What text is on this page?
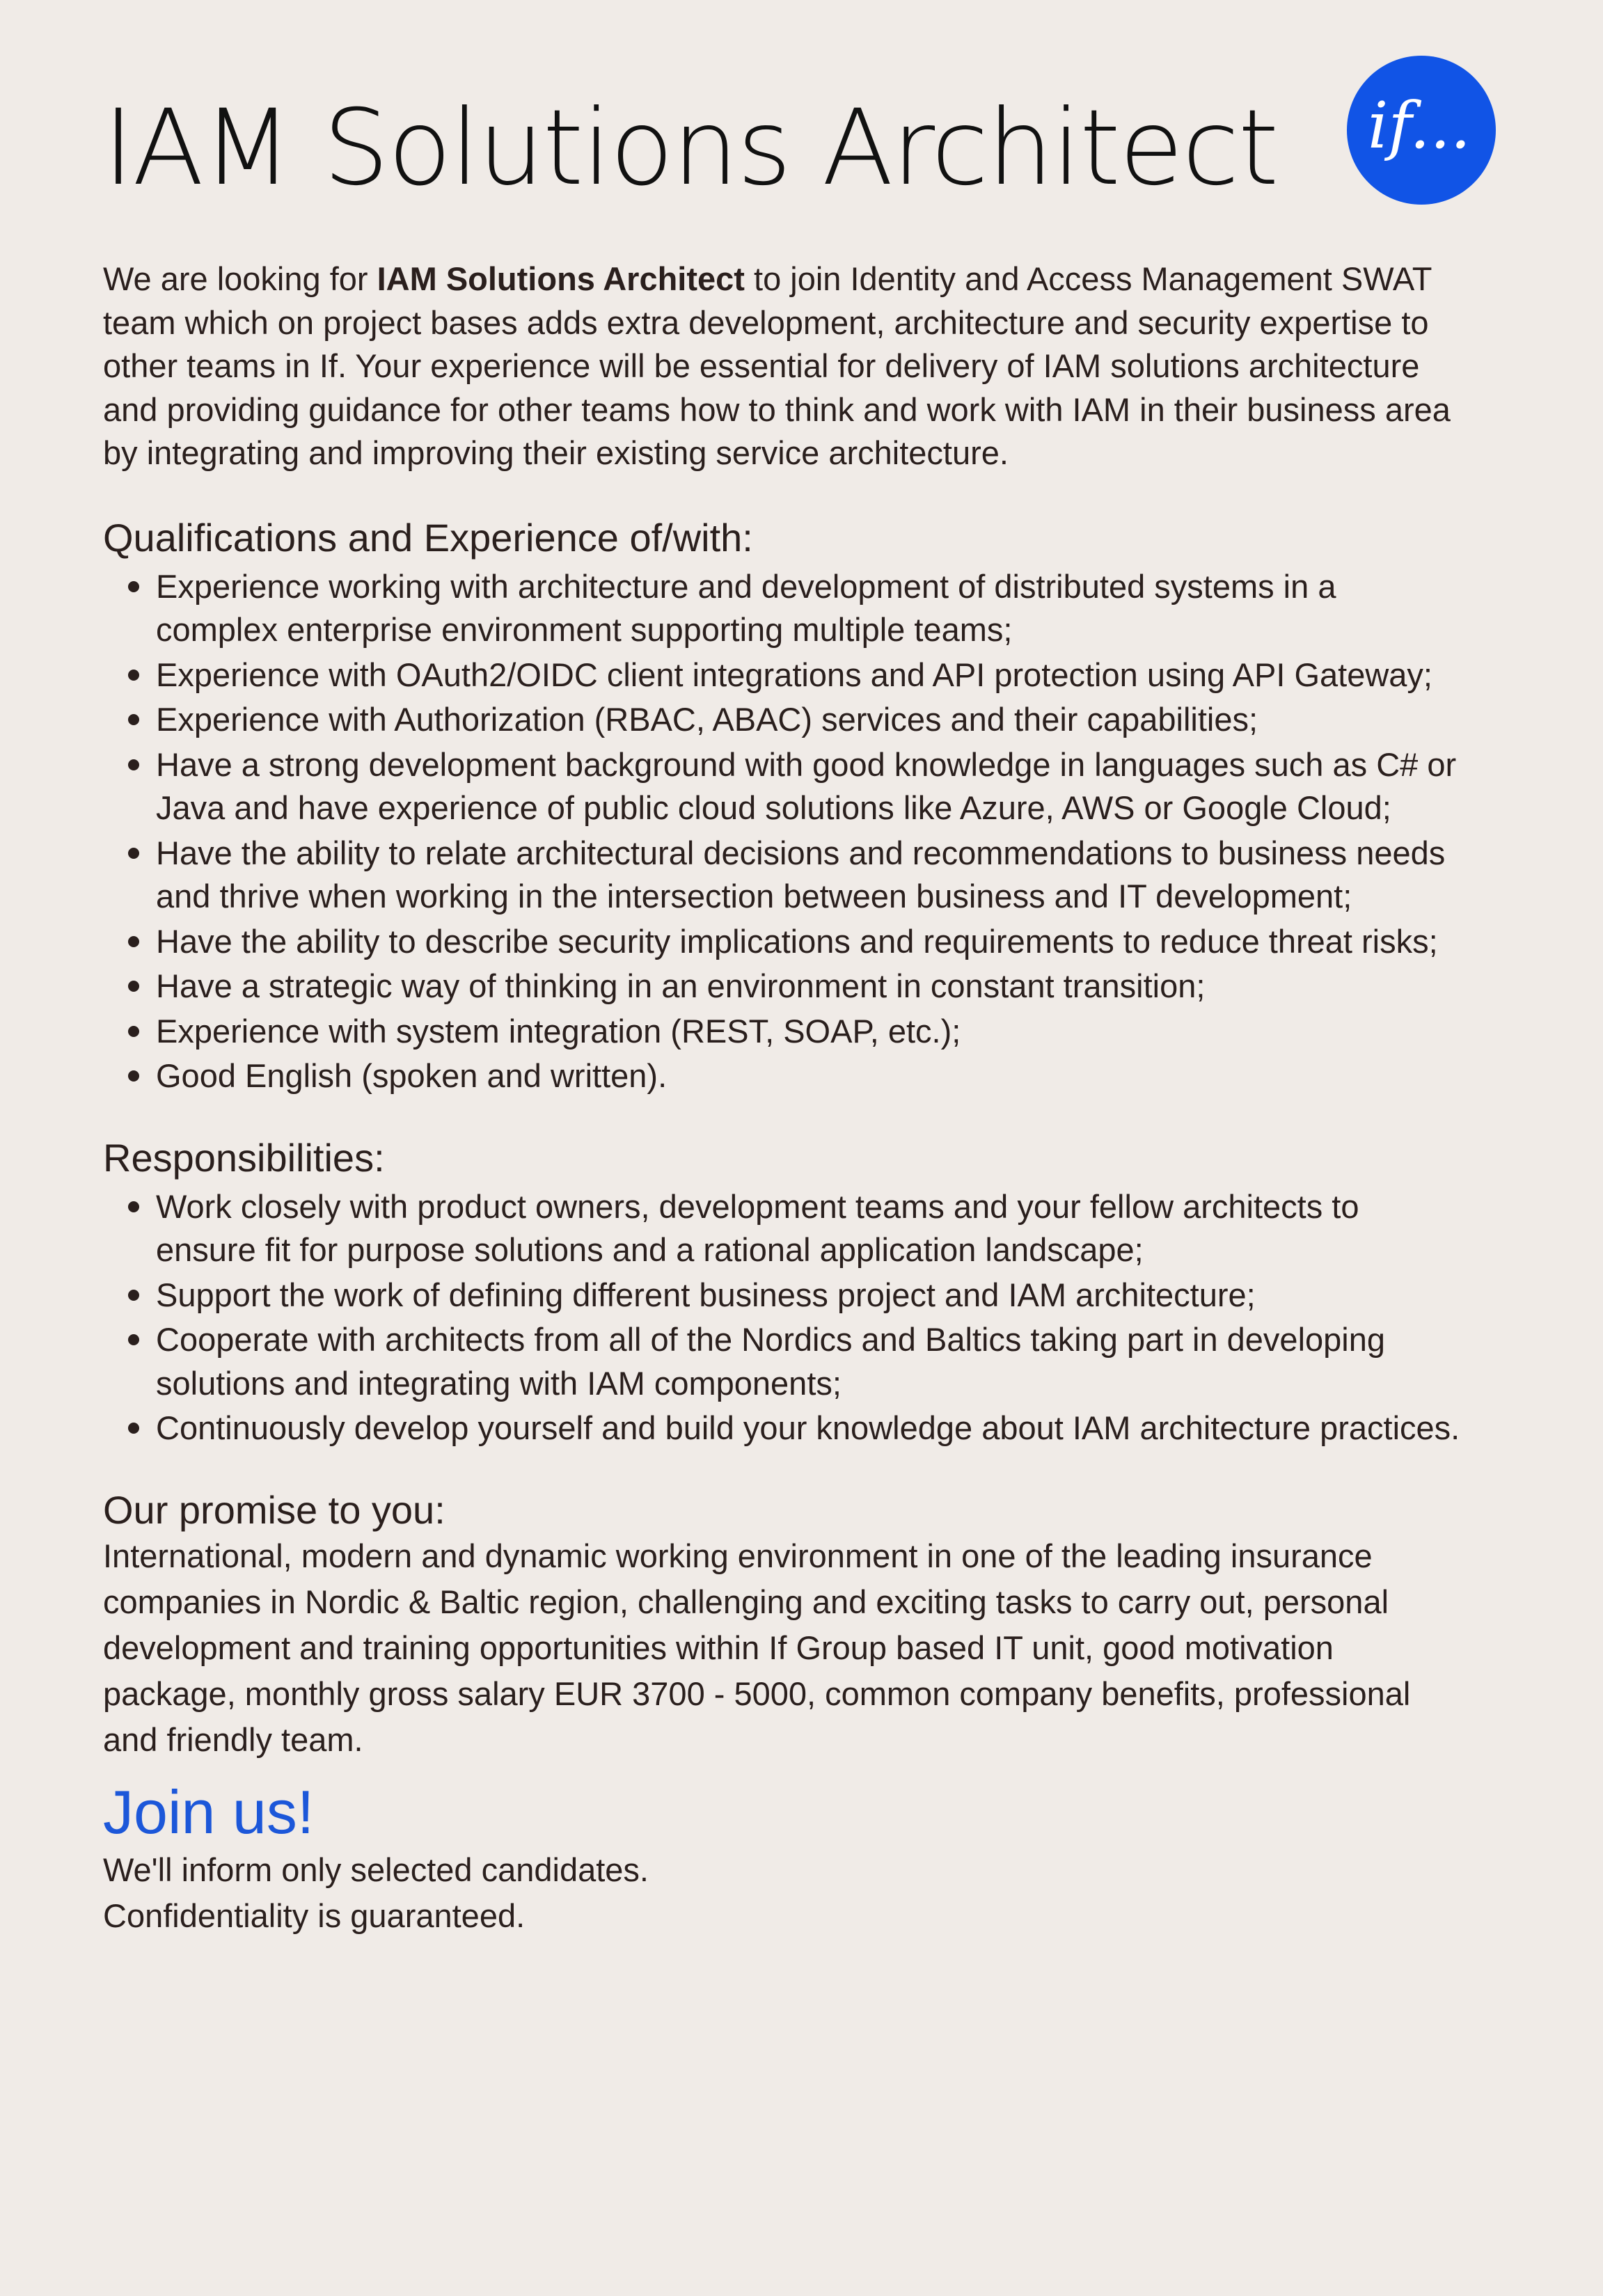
IAM Solutions Architect if...

We are looking for IAM Solutions Architect to join Identity and Access Management SWAT team which on project bases adds extra development, architecture and security expertise to other teams in If. Your experience will be essential for delivery of IAM solutions architecture and providing guidance for other teams how to think and work with IAM in their business area by integrating and improving their existing service architecture.

Qualifications and Experience of/with:
Experience working with architecture and development of distributed systems in a complex enterprise environment supporting multiple teams;
Experience with OAuth2/OIDC client integrations and API protection using API Gateway;
Experience with Authorization (RBAC, ABAC) services and their capabilities;
Have a strong development background with good knowledge in languages such as C# or Java and have experience of public cloud solutions like Azure, AWS or Google Cloud;
Have the ability to relate architectural decisions and recommendations to business needs and thrive when working in the intersection between business and IT development;
Have the ability to describe security implications and requirements to reduce threat risks;
Have a strategic way of thinking in an environment in constant transition;
Experience with system integration (REST, SOAP, etc.);
Good English (spoken and written).
Responsibilities:
Work closely with product owners, development teams and your fellow architects to ensure fit for purpose solutions and a rational application landscape;
Support the work of defining different business project and IAM architecture;
Cooperate with architects from all of the Nordics and Baltics taking part in developing solutions and integrating with IAM components;
Continuously develop yourself and build your knowledge about IAM architecture practices.
Our promise to you:

International, modern and dynamic working environment in one of the leading insurance companies in Nordic & Baltic region, challenging and exciting tasks to carry out, personal development and training opportunities within If Group based IT unit, good motivation package, monthly gross salary EUR 3700 - 5000, common company benefits, professional and friendly team.

Join us!

We'll inform only selected candidates.

Confidentiality is guaranteed.
